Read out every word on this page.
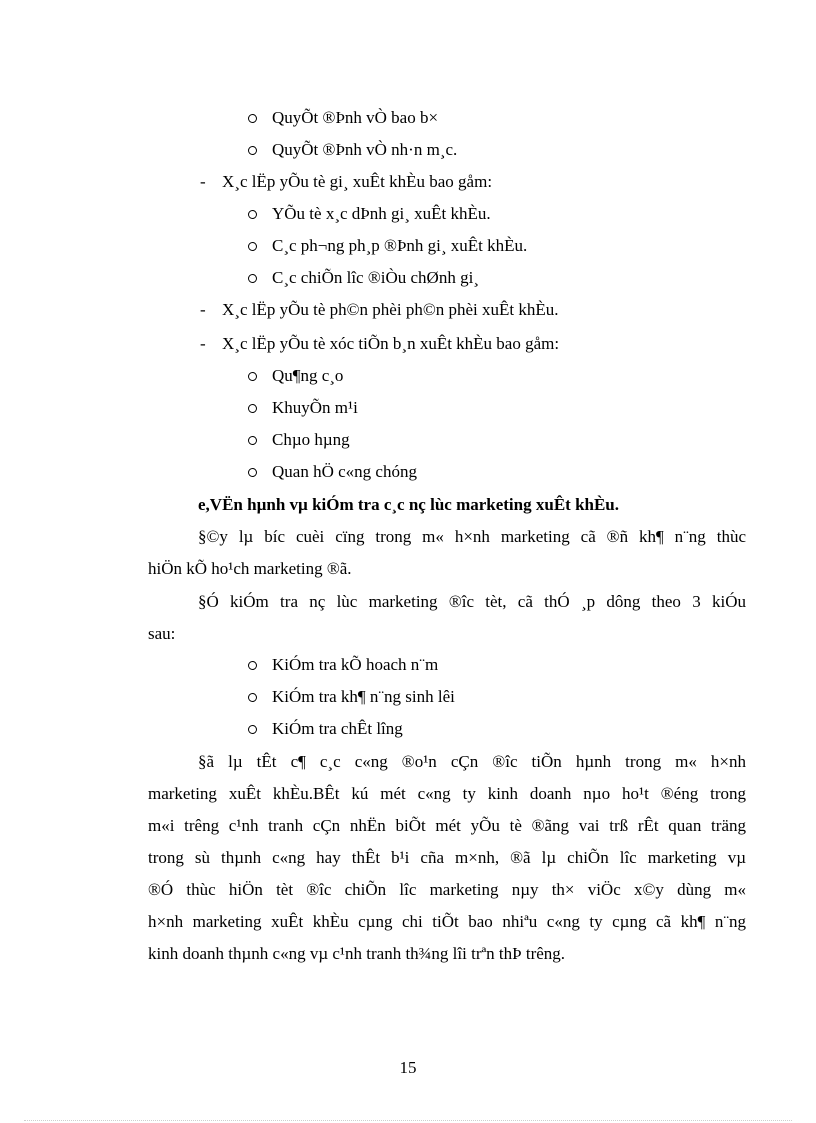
QuyÕt ®Þnh vÒ bao b×
QuyÕt ®Þnh vÒ nh·n m¸c.
- X¸c lËp yÕu tè gi¸ xuÊt khÈu bao gåm:
YÕu tè x¸c dÞnh gi¸ xuÊt khÈu.
C¸c ph¬ng ph¸p ®Þnh gi¸ xuÊt khÈu.
C¸c chiÕn lîc ®iÒu chØnh gi¸
- X¸c lËp yÕu tè ph©n phèi ph©n phèi xuÊt khÈu.
- X¸c lËp yÕu tè xóc tiÕn b¸n xuÊt khÈu bao gåm:
Qu¶ng c¸o
KhuyÕn m¹i
Chµo hµng
Quan hÖ c«ng chóng
e,VËn hµnh vµ kiÓm tra c¸c nç lùc marketing xuÊt khÈu.
§©y lµ bíc cuèi cïng trong m« h×nh marketing cã ®ñ kh¶ n¨ng thùc
hiÖn kÕ ho¹ch marketing ®ã.
§Ó kiÓm tra nç lùc marketing ®îc tèt, cã thÓ ¸p dông theo 3 kiÓu
sau:
KiÓm tra kÕ hoach n¨m
KiÓm tra kh¶ n¨ng sinh lêi
KiÓm tra chÊt lîng
§ã lµ tÊt c¶ c¸c c«ng ®o¹n cÇn ®îc tiÕn hµnh trong m« h×nh
marketing xuÊt khÈu.BÊt kú mét c«ng ty kinh doanh nµo ho¹t ®éng trong
m«i trêng c¹nh tranh cÇn nhËn biÕt mét yÕu tè ®ãng vai trß rÊt quan träng
trong sù thµnh c«ng hay thÊt b¹i cña m×nh, ®ã lµ chiÕn lîc marketing vµ
®Ó thùc hiÖn tèt ®îc chiÕn lîc marketing nµy th× viÖc x©y dùng m«
h×nh marketing xuÊt khÈu cµng chi tiÕt bao nhiªu c«ng ty cµng cã kh¶ n¨ng
kinh doanh thµnh c«ng vµ c¹nh tranh th¾ng lîi trªn thÞ trêng.
15
